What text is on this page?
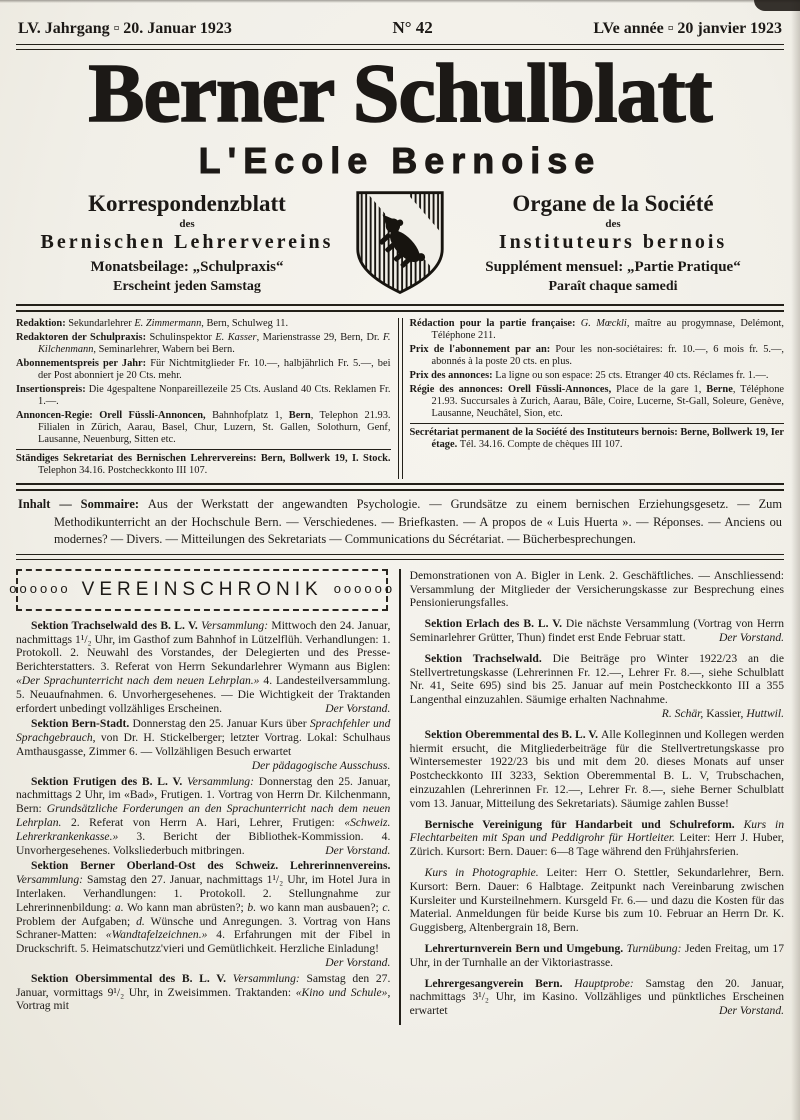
LV. Jahrgang ▫ 20. Januar 1923	N° 42	LVe année ▫ 20 janvier 1923
Berner Schulblatt
L'Ecole Bernoise
Korrespondenzblatt
des
Bernischen Lehrervereins
Monatsbeilage: „Schulpraxis“
Erscheint jeden Samstag
Organe de la Société
des
Instituteurs bernois
Supplément mensuel: „Partie Pratique“
Paraît chaque samedi

Redaktion: Sekundarlehrer E. Zimmermann, Bern, Schulweg 11.

Redaktoren der Schulpraxis: Schulinspektor E. Kasser, Marienstrasse 29, Bern, Dr. F. Kilchenmann, Seminarlehrer, Wabern bei Bern.

Abonnementspreis per Jahr: Für Nichtmitglieder Fr. 10.—, halbjährlich Fr. 5.—, bei der Post abonniert je 20 Cts. mehr.

Insertionspreis: Die 4gespaltene Nonpareillezeile 25 Cts. Ausland 40 Cts. Reklamen Fr. 1.—.

Annoncen-Regie: Orell Füssli-Annoncen, Bahnhofplatz 1, Bern, Telephon 21.93. Filialen in Zürich, Aarau, Basel, Chur, Luzern, St. Gallen, Solothurn, Genf, Lausanne, Neuenburg, Sitten etc.

Ständiges Sekretariat des Bernischen Lehrervereins: Bern, Bollwerk 19, I. Stock. Telephon 34.16. Postcheckkonto III 107.

Rédaction pour la partie française: G. Mœckli, maître au progymnase, Delémont, Téléphone 211.

Prix de l'abonnement par an: Pour les non-sociétaires: fr. 10.—, 6 mois fr. 5.—, abonnés à la poste 20 cts. en plus.

Prix des annonces: La ligne ou son espace: 25 cts. Etranger 40 cts. Réclames fr. 1.—.

Régie des annonces: Orell Füssli-Annonces, Place de la gare 1, Berne, Téléphone 21.93. Succursales à Zurich, Aarau, Bâle, Coire, Lucerne, St-Gall, Soleure, Genève, Lausanne, Neuchâtel, Sion, etc.

Secrétariat permanent de la Société des Instituteurs bernois: Berne, Bollwerk 19, Ier étage. Tél. 34.16. Compte de chèques III 107.

Inhalt — Sommaire: Aus der Werkstatt der angewandten Psychologie. — Grundsätze zu einem bernischen Erziehungsgesetz. — Zum Methodikunterricht an der Hochschule Bern. — Verschiedenes. — Briefkasten. — A propos de « Luis Huerta ». — Réponses. — Anciens ou modernes? — Divers. — Mitteilungen des Sekretariats — Communications du Sécrétariat. — Bücherbesprechungen.

oooooo VEREINSCHRONIK oooooo

Sektion Trachselwald des B. L. V. Versammlung: Mittwoch den 24. Januar, nachmittags 1¹/₂ Uhr, im Gasthof zum Bahnhof in Lützelflüh. Verhandlungen: 1. Protokoll. 2. Neuwahl des Vorstandes, der Delegierten und des Presse-Berichterstatters. 3. Referat von Herrn Sekundarlehrer Wymann aus Biglen: «Der Sprachunterricht nach dem neuen Lehrplan.» 4. Landesteilversammlung. 5. Neuaufnahmen. 6. Unvorhergesehenes. — Die Wichtigkeit der Traktanden erfordert unbedingt vollzähliges Erscheinen.	Der Vorstand.

Sektion Bern-Stadt. Donnerstag den 25. Januar Kurs über Sprachfehler und Sprachgebrauch, von Dr. H. Stickelberger; letzter Vortrag. Lokal: Schulhaus Amthausgasse, Zimmer 6. — Vollzähligen Besuch erwartet
Der pädagogische Ausschuss.

Sektion Frutigen des B. L. V. Versammlung: Donnerstag den 25. Januar, nachmittags 2 Uhr, im «Bad», Frutigen. 1. Vortrag von Herrn Dr. Kilchenmann, Bern: Grundsätzliche Forderungen an den Sprachunterricht nach dem neuen Lehrplan. 2. Referat von Herrn A. Hari, Lehrer, Frutigen: «Schweiz. Lehrerkrankenkasse.» 3. Bericht der Bibliothek-Kommission. 4. Unvorhergesehenes. Volksliederbuch mitbringen.	Der Vorstand.

Sektion Berner Oberland-Ost des Schweiz. Lehrerinnenvereins. Versammlung: Samstag den 27. Januar, nachmittags 1¹/₂ Uhr, im Hotel Jura in Interlaken. Verhandlungen: 1. Protokoll. 2. Stellungnahme zur Lehrerinnenbildung: a. Wo kann man abrüsten?; b. wo kann man ausbauen?; c. Problem der Aufgaben; d. Wünsche und Anregungen. 3. Vortrag von Hans Schraner-Matten: «Wandtafelzeichnen.» 4. Erfahrungen mit der Fibel in Druckschrift. 5. Heimatschutzz'vieri und Gemütlichkeit. Herzliche Einladung!
Der Vorstand.

Sektion Obersimmental des B. L. V. Versammlung: Samstag den 27. Januar, vormittags 9¹/₂ Uhr, in Zweisimmen. Traktanden: «Kino und Schule», Vortrag mit

Demonstrationen von A. Bigler in Lenk. 2. Geschäftliches. — Anschliessend: Versammlung der Mitglieder der Versicherungskasse zur Besprechung eines Pensionierungsfalles.

Sektion Erlach des B. L. V. Die nächste Versammlung (Vortrag von Herrn Seminarlehrer Grütter, Thun) findet erst Ende Februar statt.	Der Vorstand.

Sektion Trachselwald. Die Beiträge pro Winter 1922/23 an die Stellvertretungskasse (Lehrerinnen Fr. 12.—, Lehrer Fr. 8.—, siehe Schulblatt Nr. 41, Seite 695) sind bis 25. Januar auf mein Postcheckkonto III a 355 Langenthal einzuzahlen. Säumige erhalten Nachnahme.
R. Schär, Kassier, Huttwil.

Sektion Oberemmental des B. L. V. Alle Kolleginnen und Kollegen werden hiermit ersucht, die Mitgliederbeiträge für die Stellvertretungskasse pro Wintersemester 1922/23 bis und mit dem 20. dieses Monats auf unser Postcheckkonto III 3233, Sektion Oberemmental B. L. V, Trubschachen, einzuzahlen (Lehrerinnen Fr. 12.—, Lehrer Fr. 8.—, siehe Berner Schulblatt vom 13. Januar, Mitteilung des Sekretariats). Säumige zahlen Busse!

Bernische Vereinigung für Handarbeit und Schulreform. Kurs in Flechtarbeiten mit Span und Peddigrohr für Hortleiter. Leiter: Herr J. Huber, Zürich. Kursort: Bern. Dauer: 6—8 Tage während den Frühjahrsferien.

Kurs in Photographie. Leiter: Herr O. Stettler, Sekundarlehrer, Bern. Kursort: Bern. Dauer: 6 Halbtage. Zeitpunkt nach Vereinbarung zwischen Kursleiter und Kursteilnehmern. Kursgeld Fr. 6.— und dazu die Kosten für das Material. Anmeldungen für beide Kurse bis zum 10. Februar an Herrn Dr. K. Guggisberg, Altenbergrain 18, Bern.

Lehrerturnverein Bern und Umgebung. Turnübung: Jeden Freitag, um 17 Uhr, in der Turnhalle an der Viktoriastrasse.

Lehrergesangverein Bern. Hauptprobe: Samstag den 20. Januar, nachmittags 3¹/₂ Uhr, im Kasino. Vollzähliges und pünktliches Erscheinen erwartet	Der Vorstand.
